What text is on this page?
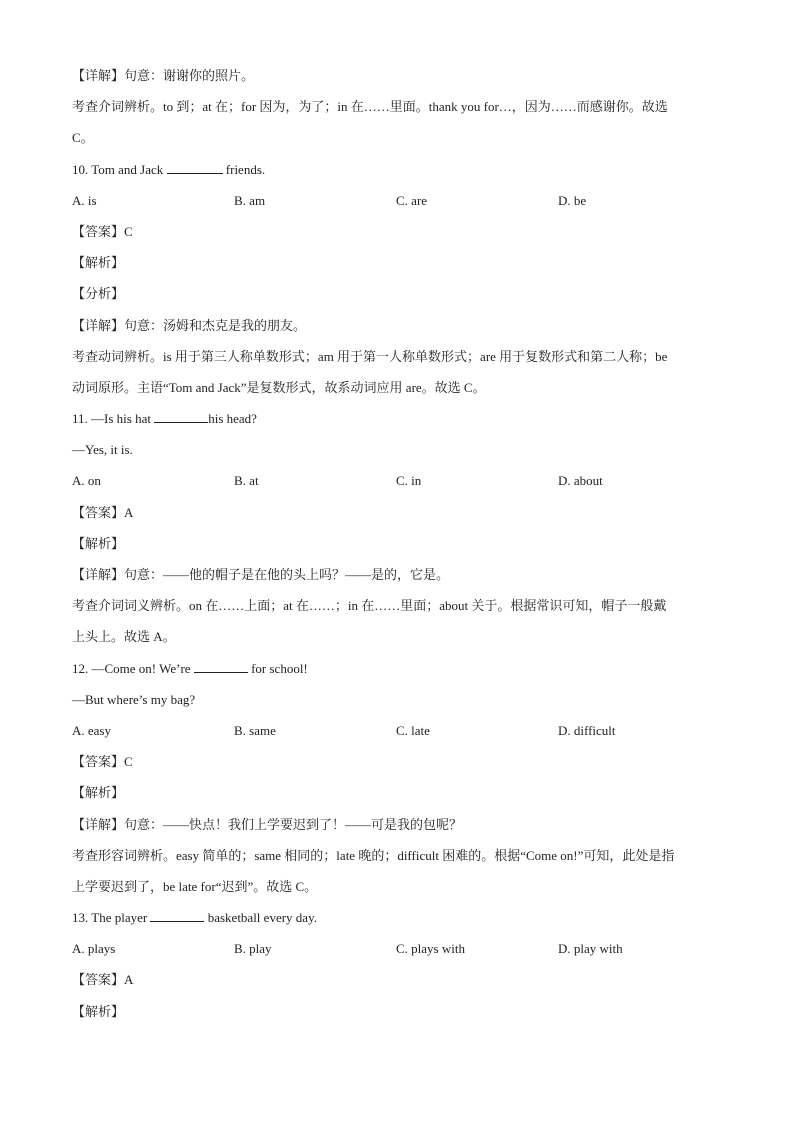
【详解】句意：谢谢你的照片。
考查介词辨析。to 到；at 在；for 因为，为了；in 在……里面。thank you for…，因为……而感谢你。故选
C。
10. Tom and Jack	friends.
A. is	B. am	C. are	D. be
【答案】C
【解析】
【分析】
【详解】句意：汤姆和杰克是我的朋友。
考查动词辨析。is 用于第三人称单数形式；am 用于第一人称单数形式；are 用于复数形式和第二人称；be
动词原形。主语“Tom and Jack”是复数形式，故系动词应用 are。故选 C。
11. —Is his hat	his head?
—Yes, it is.
A. on	B. at	C. in	D. about
【答案】A
【解析】
【详解】句意：——他的帽子是在他的头上吗？——是的，它是。
考查介词词义辨析。on 在……上面；at 在……；in 在……里面；about 关于。根据常识可知，帽子一般戴
上头上。故选 A。
12. —Come on! We’re	for school!
—But where’s my bag?
A. easy	B. same	C. late	D. difficult
【答案】C
【解析】
【详解】句意：——快点！我们上学要迟到了！——可是我的包呢？
考查形容词辨析。easy 简单的；same 相同的；late 晚的；difficult 困难的。根据“Come on!”可知，此处是指
上学要迟到了，be late for“迟到”。故选 C。
13. The player	basketball every day.
A. plays	B. play	C. plays with	D. play with
【答案】A
【解析】
